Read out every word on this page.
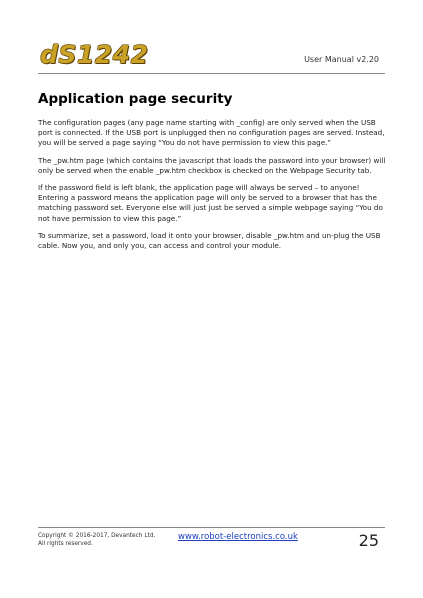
dS1242	User Manual v2.20
Application page security

The configuration pages (any page name starting with _config) are only served when the USB port is connected. If the USB port is unplugged then no configuration pages are served. Instead, you will be served a page saying “You do not have permission to view this page.”

The _pw.htm page (which contains the javascript that loads the password into your browser) will only be served when the enable _pw.htm checkbox is checked on the Webpage Security tab.

If the password field is left blank, the application page will always be served – to anyone! Entering a password means the application page will only be served to a browser that has the matching password set. Everyone else will just just be served a simple webpage saying “You do not have permission to view this page.”

To summarize, set a password, load it onto your browser, disable _pw.htm and un-plug the USB cable. Now you, and only you, can access and control your module.

Copyright © 2016-2017, Devantech Ltd.
All rights reserved.
www.robot-electronics.co.uk	25
